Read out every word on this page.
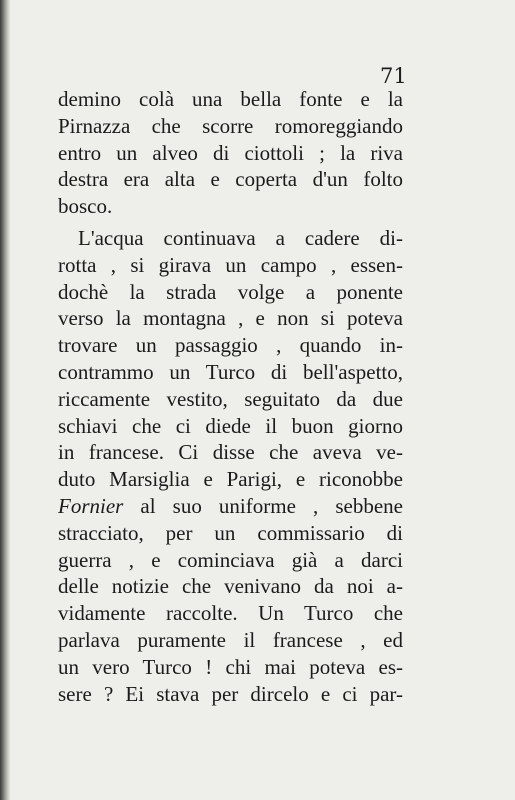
71
demino colà una bella fonte e la
Pirnazza che scorre romoreggiando
entro un alveo di ciottoli ; la riva
destra era alta e coperta d'un folto
bosco.
L'acqua continuava a cadere di-
rotta , si girava un campo , essen-
dochè la strada volge a ponente
verso la montagna , e non si poteva
trovare un passaggio , quando in-
contrammo un Turco di bell'aspetto,
riccamente vestito, seguitato da due
schiavi che ci diede il buon giorno
in francese. Ci disse che aveva ve-
duto Marsiglia e Parigi, e riconobbe
Fornier al suo uniforme , sebbene
stracciato, per un commissario di
guerra , e cominciava già a darci
delle notizie che venivano da noi a-
vidamente raccolte. Un Turco che
parlava puramente il francese , ed
un vero Turco ! chi mai poteva es-
sere ? Ei stava per dircelo e ci par-
